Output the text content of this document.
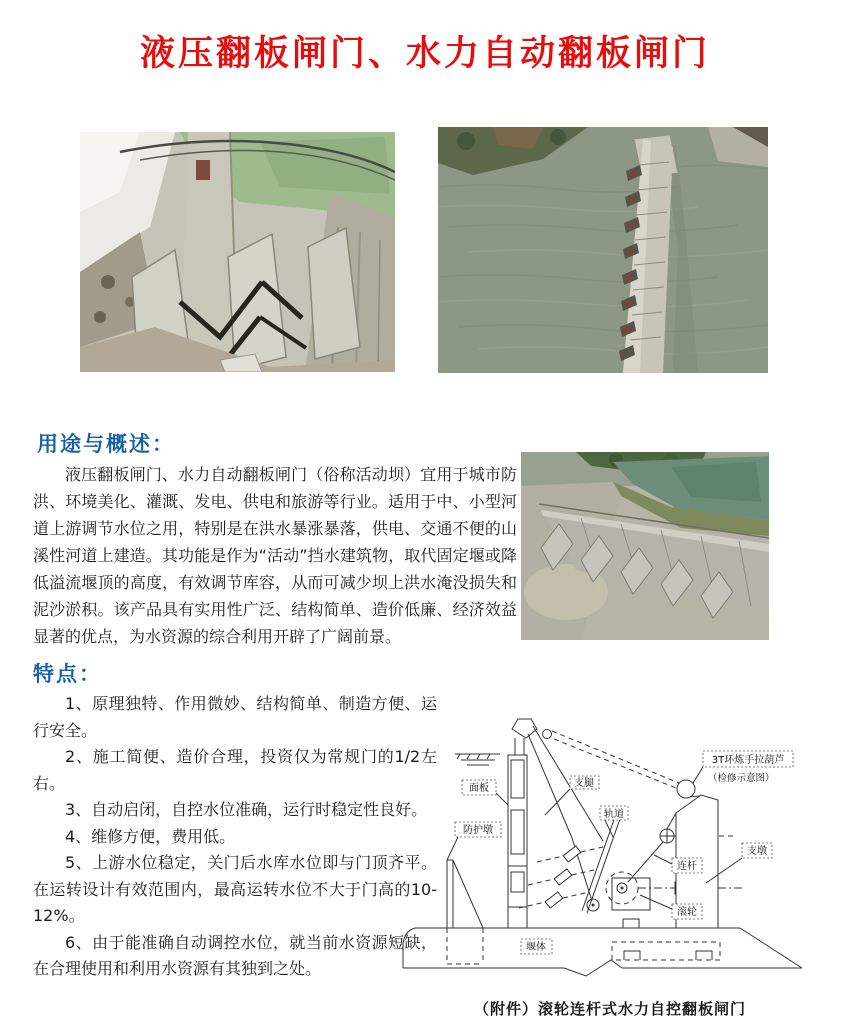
液压翻板闸门、水力自动翻板闸门
用途与概述：

液压翻板闸门、水力自动翻板闸门（俗称活动坝）宜用于城市防洪、环境美化、灌溉、发电、供电和旅游等行业。适用于中、小型河道上游调节水位之用，特别是在洪水暴涨暴落，供电、交通不便的山溪性河道上建造。其功能是作为“活动”挡水建筑物，取代固定堰或降低溢流堰顶的高度，有效调节库容，从而可减少坝上洪水淹没损失和泥沙淤积。该产品具有实用性广泛、结构简单、造价低廉、经济效益显著的优点，为水资源的综合利用开辟了广阔前景。

特点：

1、原理独特、作用微妙、结构简单、制造方便、运行安全。

2、施工简便、造价合理，投资仅为常规门的1/2左右。

3、自动启闭，自控水位准确，运行时稳定性良好。

4、维修方便，费用低。

5、上游水位稳定，关门后水库水位即与门顶齐平。在运转设计有效范围内，最高运转水位不大于门高的10-12%。

6、由于能准确自动调控水位，就当前水资源短缺，在合理使用和利用水资源有其独到之处。

面板
防护墩
支腿
轨道
3T环炼手拉葫芦
（检修示意图）
连杆
支墩
滚轮
堰体
（附件）滚轮连杆式水力自控翻板闸门
